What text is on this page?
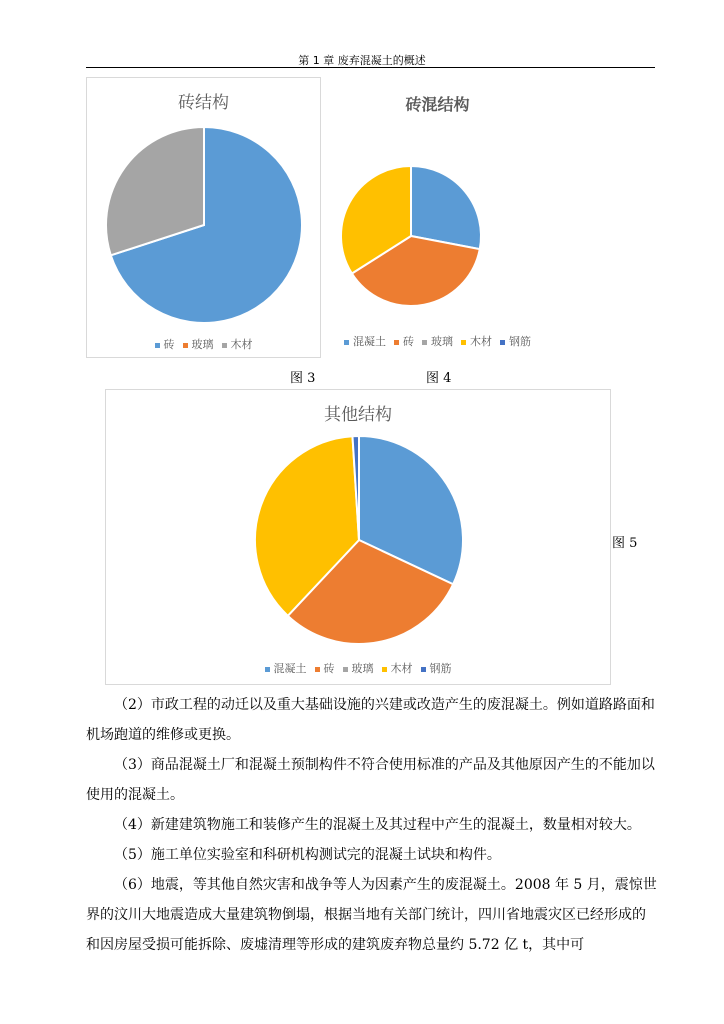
第 1 章 废弃混凝土的概述
砖结构
砖 玻璃 木材
砖混结构
混凝土 砖 玻璃 木材 钢筋
图 3	图 4
其他结构
混凝土 砖 玻璃 木材 钢筋
图 5

（2）市政工程的动迁以及重大基础设施的兴建或改造产生的废混凝土。例如道路路面和机场跑道的维修或更换。

（3）商品混凝土厂和混凝土预制构件不符合使用标准的产品及其他原因产生的不能加以使用的混凝土。

（4）新建建筑物施工和装修产生的混凝土及其过程中产生的混凝土，数量相对较大。

（5）施工单位实验室和科研机构测试完的混凝土试块和构件。

（6）地震，等其他自然灾害和战争等人为因素产生的废混凝土。2008 年 5 月，震惊世界的汶川大地震造成大量建筑物倒塌，根据当地有关部门统计，四川省地震灾区已经形成的和因房屋受损可能拆除、废墟清理等形成的建筑废弃物总量约 5.72 亿 t，其中可
